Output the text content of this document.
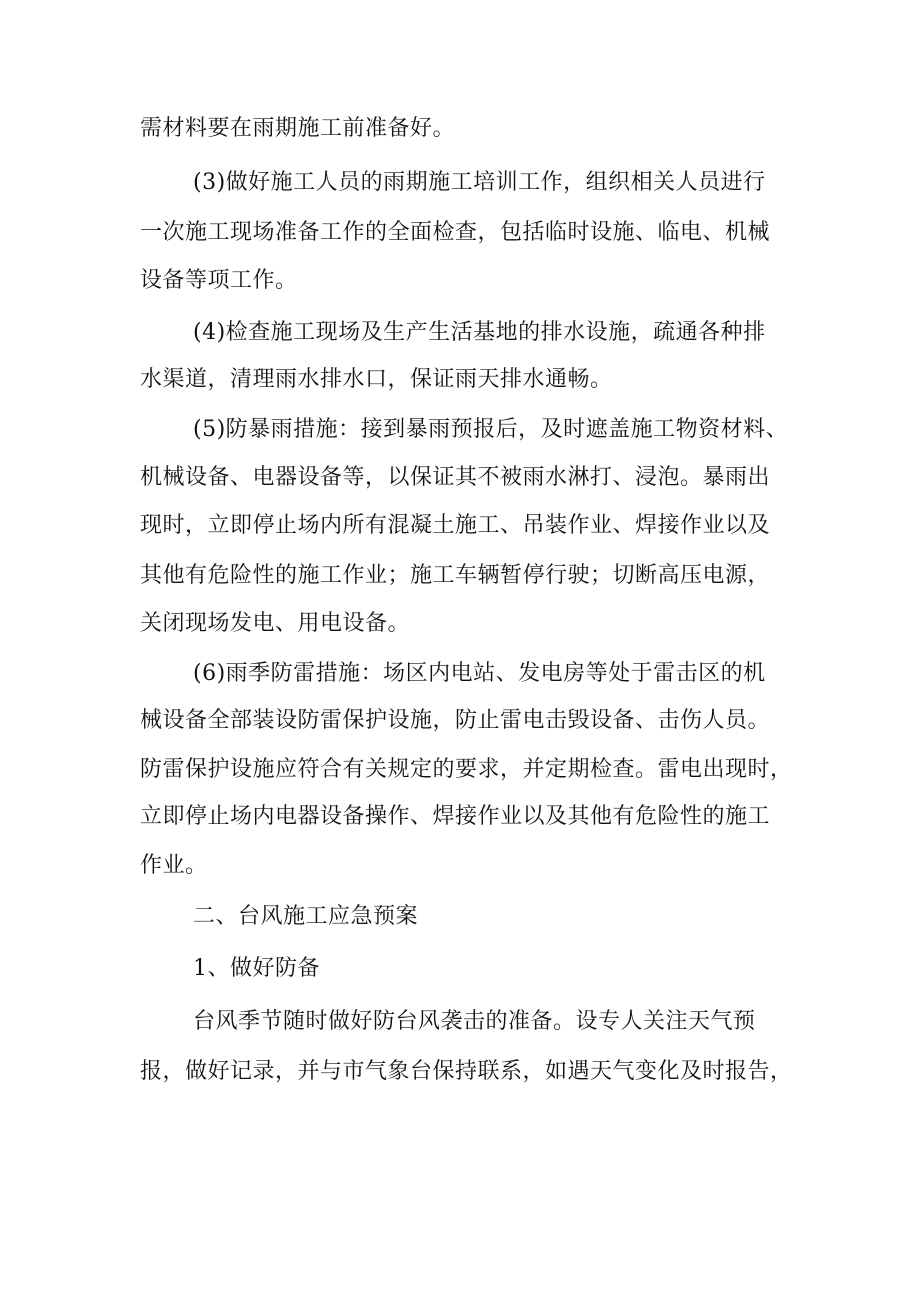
需材料要在雨期施工前准备好。
(3)做好施工人员的雨期施工培训工作，组织相关人员进行
一次施工现场准备工作的全面检查，包括临时设施、临电、机械
设备等项工作。
(4)检查施工现场及生产生活基地的排水设施，疏通各种排
水渠道，清理雨水排水口，保证雨天排水通畅。
(5)防暴雨措施：接到暴雨预报后，及时遮盖施工物资材料、
机械设备、电器设备等，以保证其不被雨水淋打、浸泡。暴雨出
现时，立即停止场内所有混凝土施工、吊装作业、焊接作业以及
其他有危险性的施工作业；施工车辆暂停行驶；切断高压电源，
关闭现场发电、用电设备。
(6)雨季防雷措施：场区内电站、发电房等处于雷击区的机
械设备全部装设防雷保护设施，防止雷电击毁设备、击伤人员。
防雷保护设施应符合有关规定的要求，并定期检查。雷电出现时，
立即停止场内电器设备操作、焊接作业以及其他有危险性的施工
作业。
二、台风施工应急预案
1、做好防备
台风季节随时做好防台风袭击的准备。设专人关注天气预
报，做好记录，并与市气象台保持联系，如遇天气变化及时报告，
